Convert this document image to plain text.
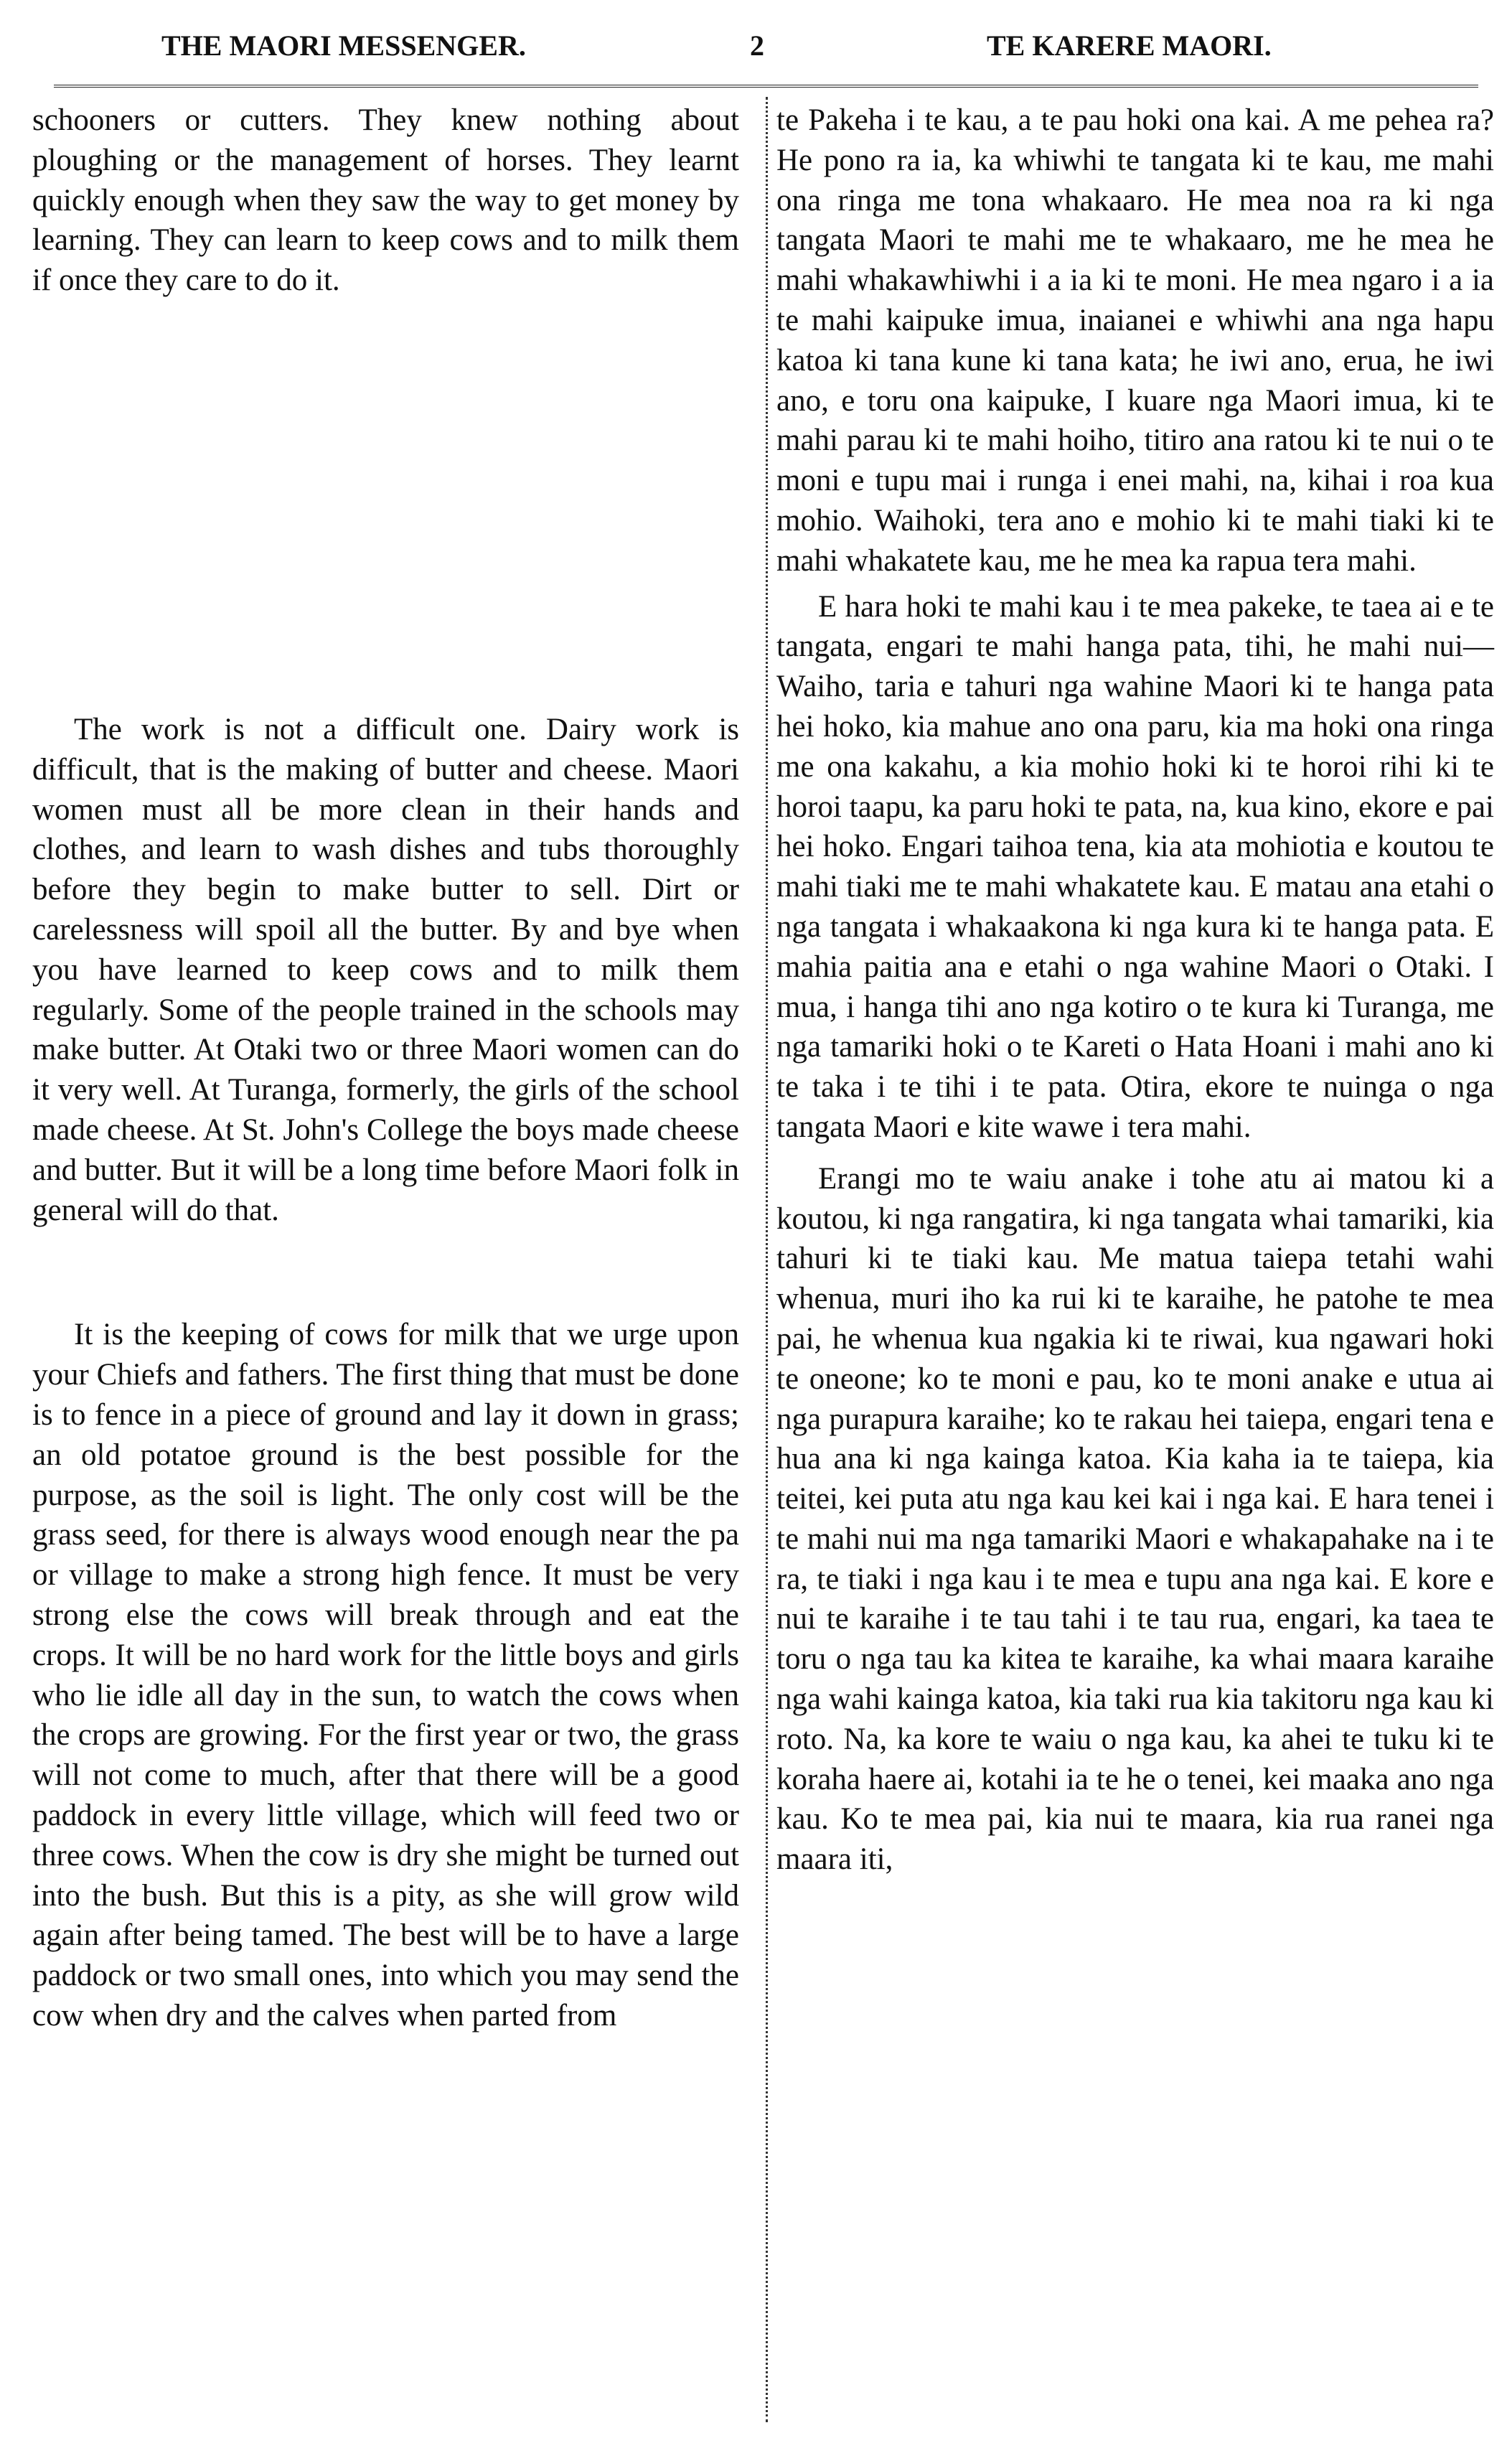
THE MAORI MESSENGER.	2	TE KARERE MAORI.

schooners or cutters. They knew nothing about ploughing or the management of horses. They learnt quickly enough when they saw the way to get money by learning. They can learn to keep cows and to milk them if once they care to do it.

The work is not a difficult one. Dairy work is difficult, that is the making of butter and cheese. Maori women must all be more clean in their hands and clothes, and learn to wash dishes and tubs thoroughly before they begin to make butter to sell. Dirt or carelessness will spoil all the butter. By and bye when you have learned to keep cows and to milk them regularly. Some of the people trained in the schools may make butter. At Otaki two or three Maori women can do it very well. At Turanga, formerly, the girls of the school made cheese. At St. John's College the boys made cheese and butter. But it will be a long time before Maori folk in general will do that.

It is the keeping of cows for milk that we urge upon your Chiefs and fathers. The first thing that must be done is to fence in a piece of ground and lay it down in grass; an old potatoe ground is the best possible for the purpose, as the soil is light. The only cost will be the grass seed, for there is always wood enough near the pa or village to make a strong high fence. It must be very strong else the cows will break through and eat the crops. It will be no hard work for the little boys and girls who lie idle all day in the sun, to watch the cows when the crops are growing. For the first year or two, the grass will not come to much, after that there will be a good paddock in every little village, which will feed two or three cows. When the cow is dry she might be turned out into the bush. But this is a pity, as she will grow wild again after being tamed. The best will be to have a large paddock or two small ones, into which you may send the cow when dry and the calves when parted from

te Pakeha i te kau, a te pau hoki ona kai. A me pehea ra? He pono ra ia, ka whiwhi te tangata ki te kau, me mahi ona ringa me tona whakaaro. He mea noa ra ki nga tangata Maori te mahi me te whakaaro, me he mea he mahi whakawhiwhi i a ia ki te moni. He mea ngaro i a ia te mahi kaipuke imua, inaianei e whiwhi ana nga hapu katoa ki tana kune ki tana kata; he iwi ano, erua, he iwi ano, e toru ona kaipuke, I kuare nga Maori imua, ki te mahi parau ki te mahi hoiho, titiro ana ratou ki te nui o te moni e tupu mai i runga i enei mahi, na, kihai i roa kua mohio. Waihoki, tera ano e mohio ki te mahi tiaki ki te mahi whakatete kau, me he mea ka rapua tera mahi.

E hara hoki te mahi kau i te mea pakeke, te taea ai e te tangata, engari te mahi hanga pata, tihi, he mahi nui—Waiho, taria e tahuri nga wahine Maori ki te hanga pata hei hoko, kia mahue ano ona paru, kia ma hoki ona ringa me ona kakahu, a kia mohio hoki ki te horoi rihi ki te horoi taapu, ka paru hoki te pata, na, kua kino, ekore e pai hei hoko. Engari taihoa tena, kia ata mohiotia e koutou te mahi tiaki me te mahi whakatete kau. E matau ana etahi o nga tangata i whakaakona ki nga kura ki te hanga pata. E mahia paitia ana e etahi o nga wahine Maori o Otaki. I mua, i hanga tihi ano nga kotiro o te kura ki Turanga, me nga tamariki hoki o te Kareti o Hata Hoani i mahi ano ki te taka i te tihi i te pata. Otira, ekore te nuinga o nga tangata Maori e kite wawe i tera mahi.

Erangi mo te waiu anake i tohe atu ai matou ki a koutou, ki nga rangatira, ki nga tangata whai tamariki, kia tahuri ki te tiaki kau. Me matua taiepa tetahi wahi whenua, muri iho ka rui ki te karaihe, he patohe te mea pai, he whenua kua ngakia ki te riwai, kua ngawari hoki te oneone; ko te moni e pau, ko te moni anake e utua ai nga purapura karaihe; ko te rakau hei taiepa, engari tena e hua ana ki nga kainga katoa. Kia kaha ia te taiepa, kia teitei, kei puta atu nga kau kei kai i nga kai. E hara tenei i te mahi nui ma nga tamariki Maori e whakapahake na i te ra, te tiaki i nga kau i te mea e tupu ana nga kai. E kore e nui te karaihe i te tau tahi i te tau rua, engari, ka taea te toru o nga tau ka kitea te karaihe, ka whai maara karaihe nga wahi kainga katoa, kia taki rua kia takitoru nga kau ki roto. Na, ka kore te waiu o nga kau, ka ahei te tuku ki te koraha haere ai, kotahi ia te he o tenei, kei maaka ano nga kau. Ko te mea pai, kia nui te maara, kia rua ranei nga maara iti,
